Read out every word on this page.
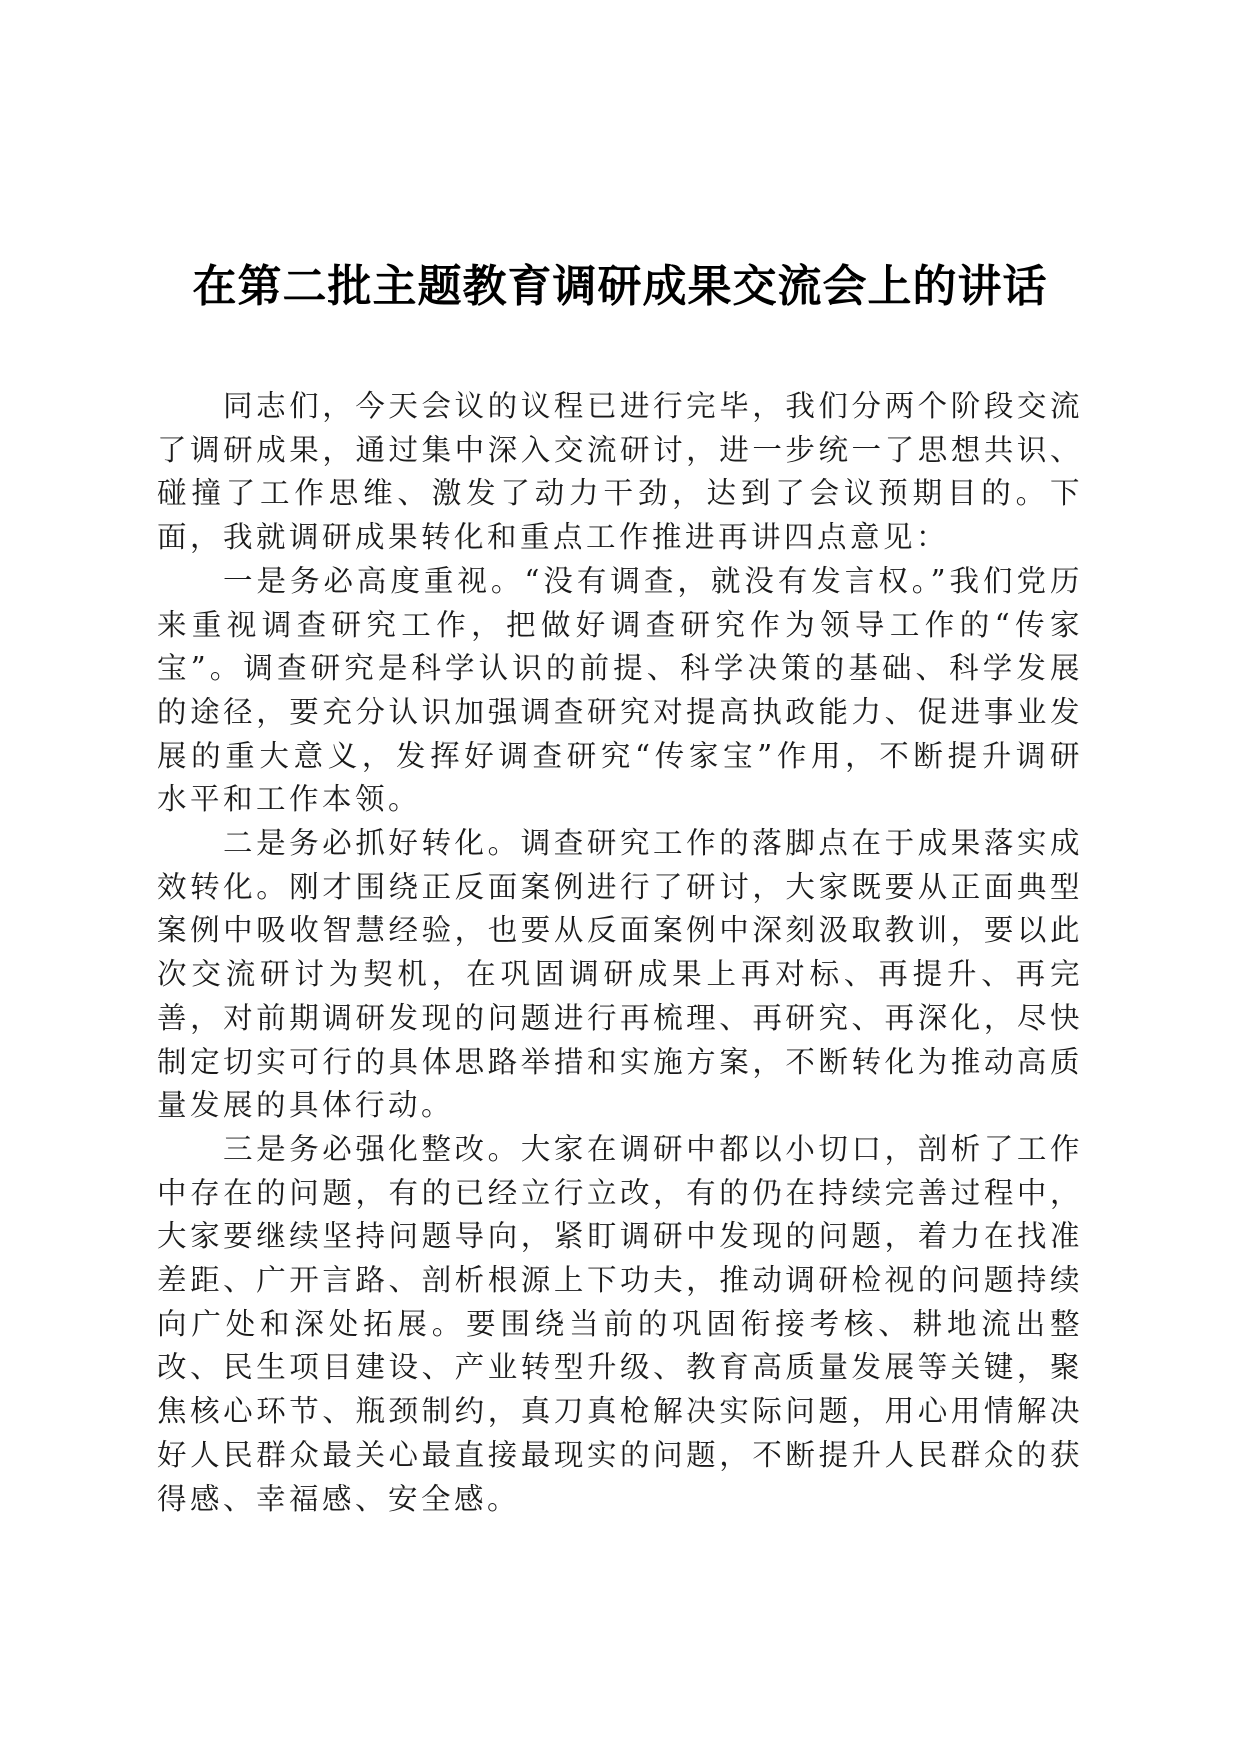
在第二批主题教育调研成果交流会上的讲话

同志们，今天会议的议程已进行完毕，我们分两个阶段交流了调研成果，通过集中深入交流研讨，进一步统一了思想共识、碰撞了工作思维、激发了动力干劲，达到了会议预期目的。下面，我就调研成果转化和重点工作推进再讲四点意见：

一是务必高度重视。“没有调查，就没有发言权。”我们党历来重视调查研究工作，把做好调查研究作为领导工作的“传家宝”。调查研究是科学认识的前提、科学决策的基础、科学发展的途径，要充分认识加强调查研究对提高执政能力、促进事业发展的重大意义，发挥好调查研究“传家宝”作用，不断提升调研水平和工作本领。

二是务必抓好转化。调查研究工作的落脚点在于成果落实成效转化。刚才围绕正反面案例进行了研讨，大家既要从正面典型案例中吸收智慧经验，也要从反面案例中深刻汲取教训，要以此次交流研讨为契机，在巩固调研成果上再对标、再提升、再完善，对前期调研发现的问题进行再梳理、再研究、再深化，尽快制定切实可行的具体思路举措和实施方案，不断转化为推动高质量发展的具体行动。

三是务必强化整改。大家在调研中都以小切口，剖析了工作中存在的问题，有的已经立行立改，有的仍在持续完善过程中，大家要继续坚持问题导向，紧盯调研中发现的问题，着力在找准差距、广开言路、剖析根源上下功夫，推动调研检视的问题持续向广处和深处拓展。要围绕当前的巩固衔接考核、耕地流出整改、民生项目建设、产业转型升级、教育高质量发展等关键，聚焦核心环节、瓶颈制约，真刀真枪解决实际问题，用心用情解决好人民群众最关心最直接最现实的问题，不断提升人民群众的获得感、幸福感、安全感。
